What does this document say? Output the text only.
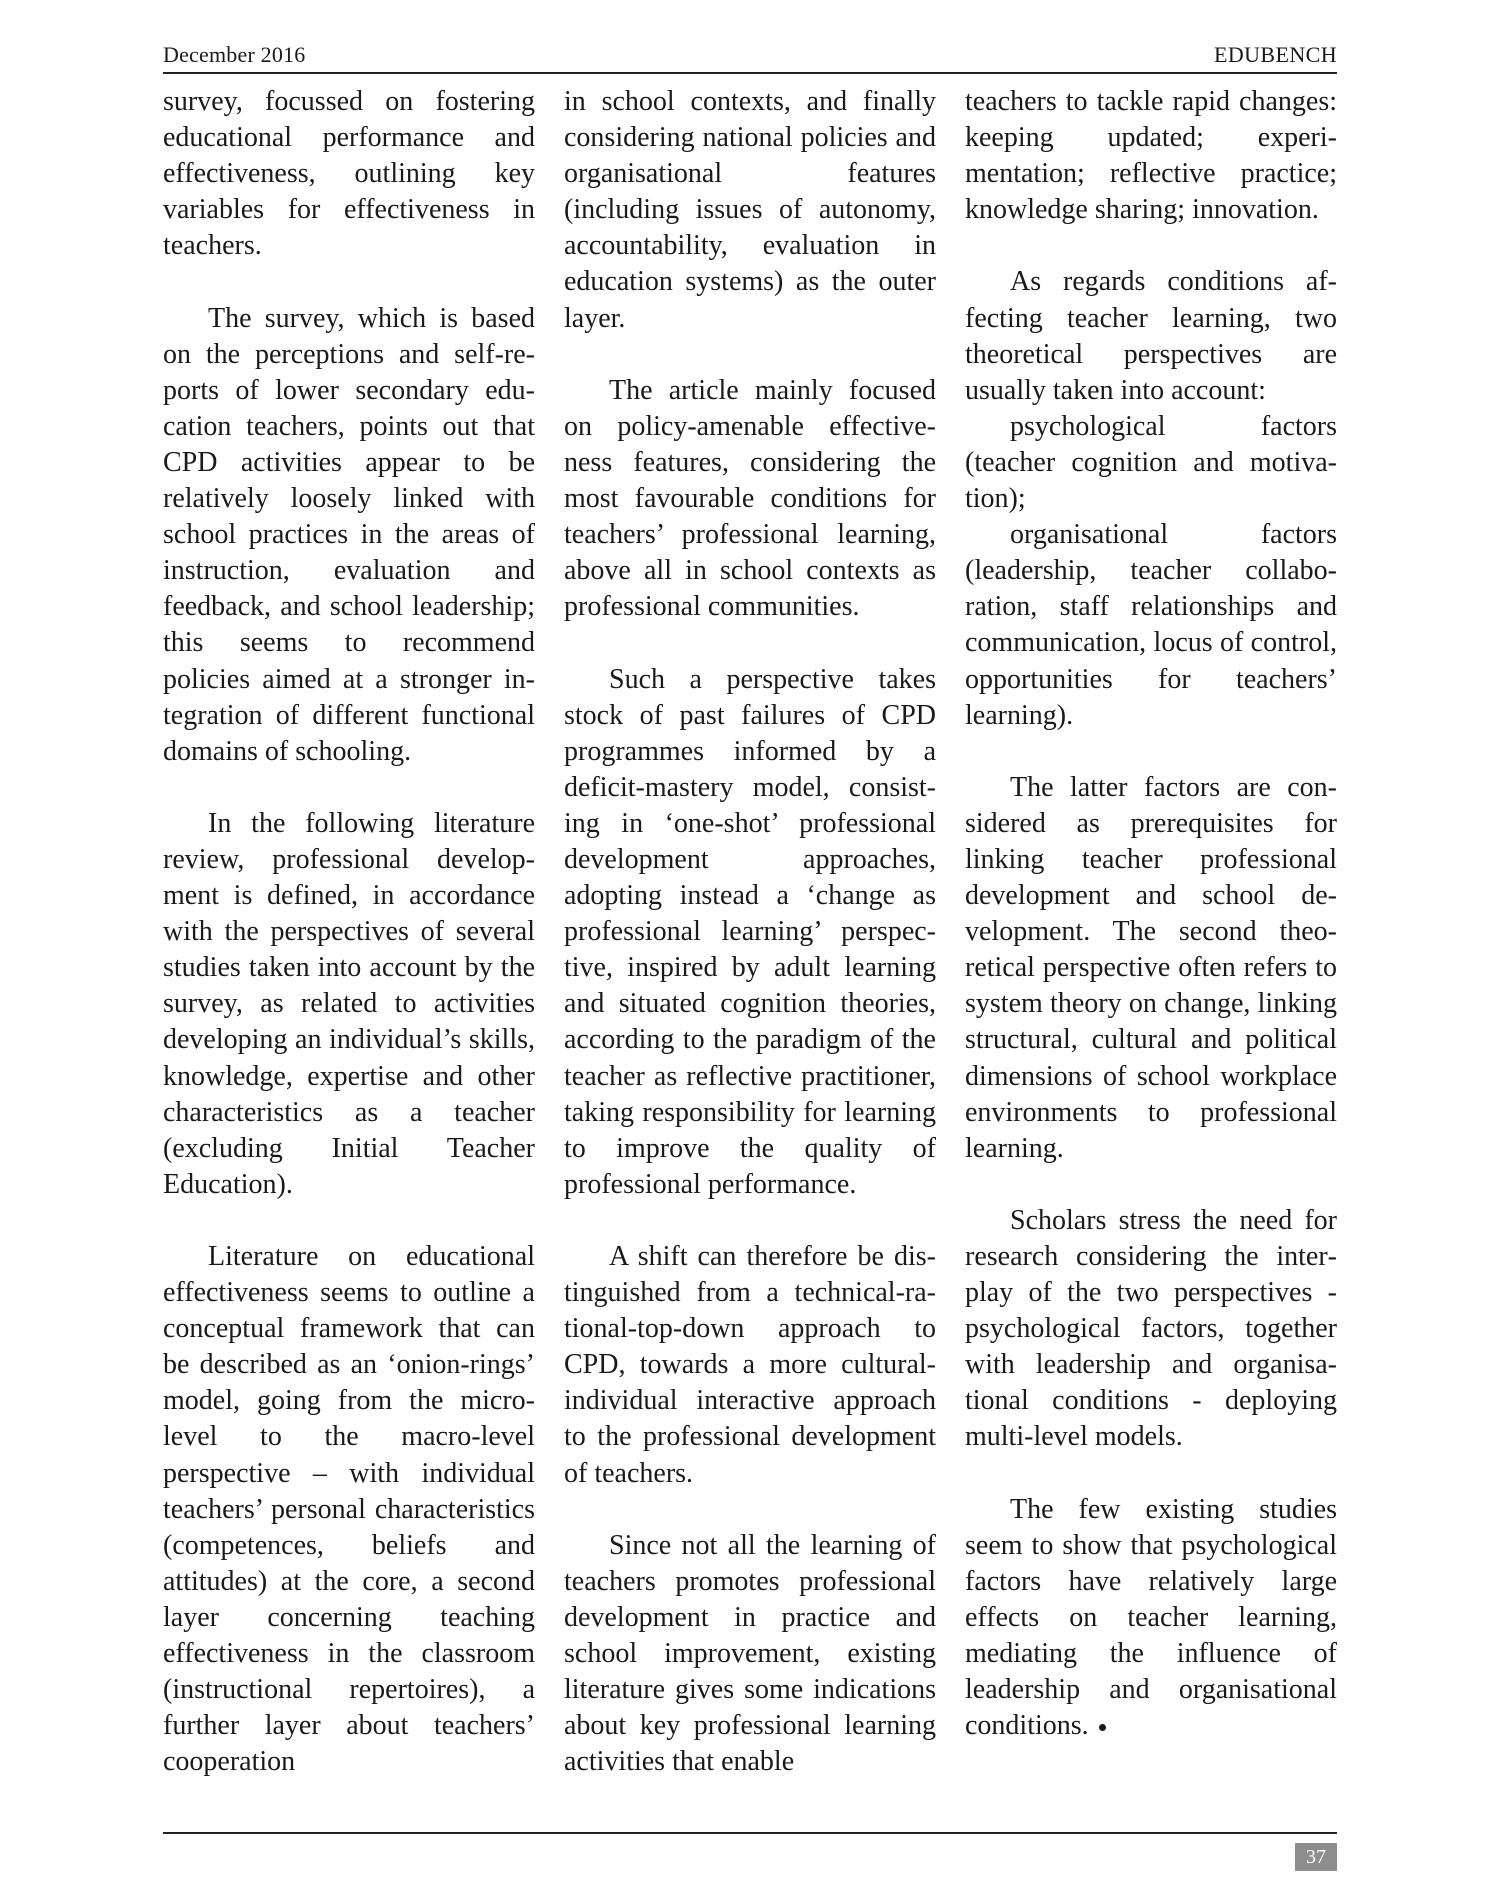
December 2016	EDUBENCH

survey, focussed on fostering educational performance and effectiveness, outlining key variables for effectiveness in teachers.

The survey, which is based on the perceptions and self-reports of lower secondary education teachers, points out that CPD activities appear to be relatively loosely linked with school practices in the areas of instruction, evaluation and feedback, and school leadership; this seems to recommend policies aimed at a stronger integration of different functional domains of schooling.

In the following literature review, professional development is defined, in accordance with the perspectives of several studies taken into account by the survey, as related to activities developing an individual’s skills, knowledge, expertise and other characteristics as a teacher (excluding Initial Teacher Education).

Literature on educational effectiveness seems to outline a conceptual framework that can be described as an ‘onion-rings’ model, going from the micro-level to the macro-level perspective – with individual teachers’ personal characteristics (competences, beliefs and attitudes) at the core, a second layer concerning teaching effectiveness in the classroom (instructional repertoires), a further layer about teachers’ cooperation

in school contexts, and finally considering national policies and organisational features (including issues of autonomy, accountability, evaluation in education systems) as the outer layer.

The article mainly focused on policy-amenable effectiveness features, considering the most favourable conditions for teachers’ professional learning, above all in school contexts as professional communities.

Such a perspective takes stock of past failures of CPD programmes informed by a deficit-mastery model, consisting in ‘one-shot’ professional development approaches, adopting instead a ‘change as professional learning’ perspective, inspired by adult learning and situated cognition theories, according to the paradigm of the teacher as reflective practitioner, taking responsibility for learning to improve the quality of professional performance.

A shift can therefore be distinguished from a technical-rational-top-down approach to CPD, towards a more cultural-individual interactive approach to the professional development of teachers.

Since not all the learning of teachers promotes professional development in practice and school improvement, existing literature gives some indications about key professional learning activities that enable

teachers to tackle rapid changes: keeping updated; experimentation; reflective practice; knowledge sharing; innovation.

As regards conditions affecting teacher learning, two theoretical perspectives are usually taken into account:

psychological factors (teacher cognition and motivation);

organisational factors (leadership, teacher collaboration, staff relationships and communication, locus of control, opportunities for teachers’ learning).

The latter factors are considered as prerequisites for linking teacher professional development and school development. The second theoretical perspective often refers to system theory on change, linking structural, cultural and political dimensions of school workplace environments to professional learning.

Scholars stress the need for research considering the interplay of the two perspectives - psychological factors, together with leadership and organisational conditions - deploying multi-level models.

The few existing studies seem to show that psychological factors have relatively large effects on teacher learning, mediating the influence of leadership and organisational conditions.

37
